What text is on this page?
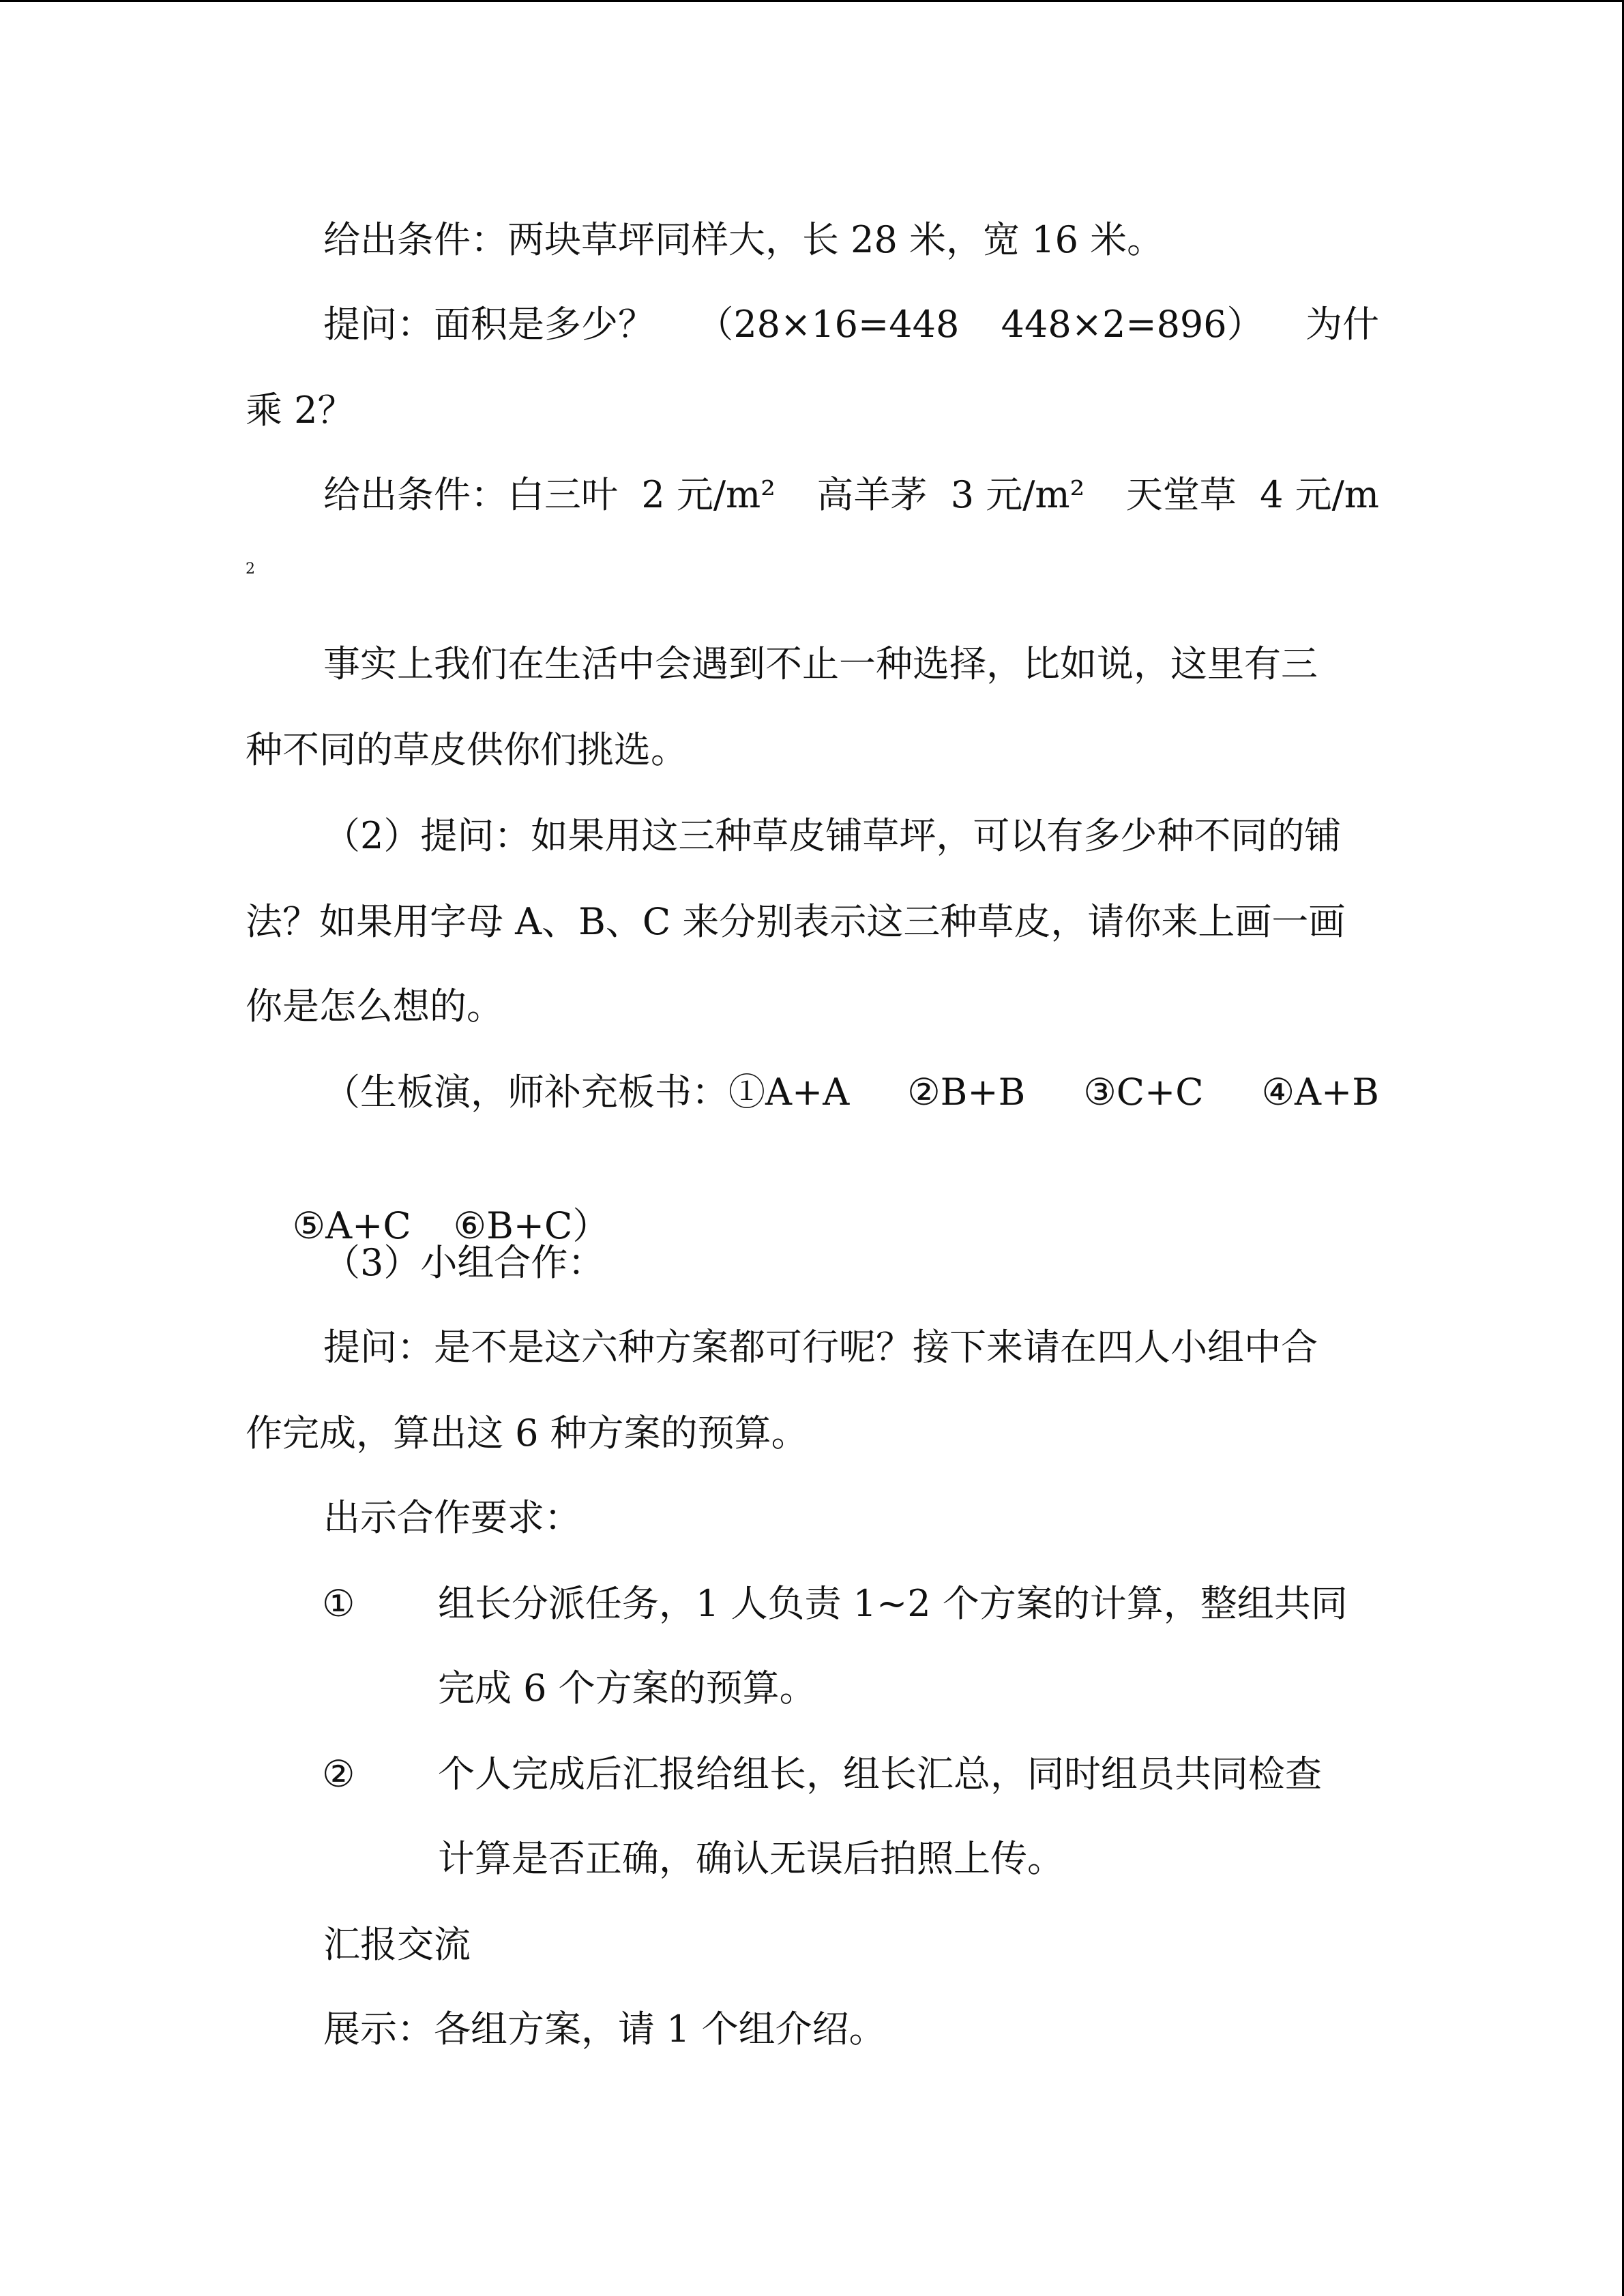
给出条件：两块草坪同样大，长 28 米，宽 16 米。

提问：面积是多少？ （28×16=448 448×2=896） 为什

乘 2？

给出条件：白三叶  2 元/m² 高羊茅  3 元/m² 天堂草  4 元/m

2

事实上我们在生活中会遇到不止一种选择，比如说，这里有三

种不同的草皮供你们挑选。

（2）提问：如果用这三种草皮铺草坪，可以有多少种不同的铺

法？如果用字母 A、B、C 来分别表示这三种草皮，请你来上画一画

你是怎么想的。

（生板演，师补充板书：①A+A ②B+B ③C+C ④A+B

⑤A+C ⑥B+C）

（3）小组合作：

提问：是不是这六种方案都可行呢？接下来请在四人小组中合

作完成，算出这 6 种方案的预算。

出示合作要求：

① 组长分派任务，1 人负责 1~2 个方案的计算，整组共同

完成 6 个方案的预算。

② 个人完成后汇报给组长，组长汇总，同时组员共同检查

计算是否正确，确认无误后拍照上传。

汇报交流

展示：各组方案，请 1 个组介绍。
